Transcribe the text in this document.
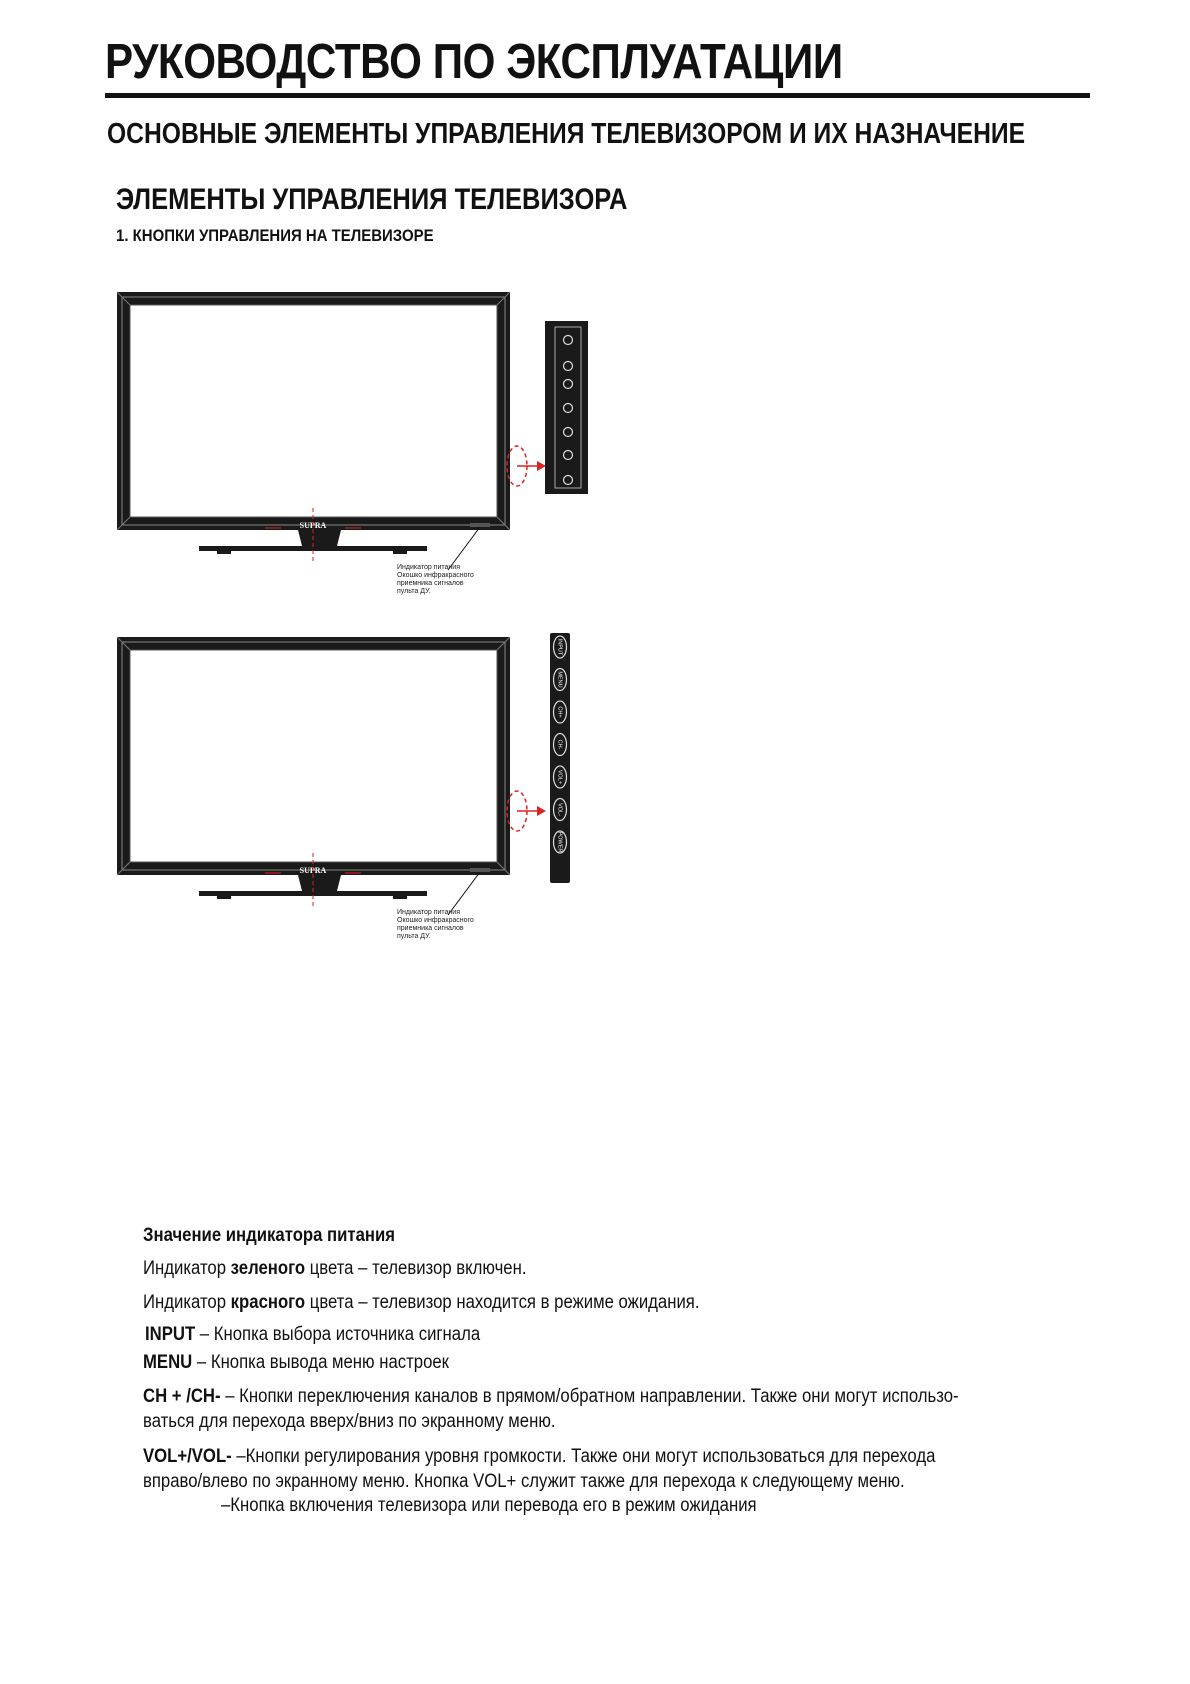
РУКОВОДСТВО ПО ЭКСПЛУАТАЦИИ
ОСНОВНЫЕ ЭЛЕМЕНТЫ УПРАВЛЕНИЯ ТЕЛЕВИЗОРОМ И ИХ НАЗНАЧЕНИЕ
ЭЛЕМЕНТЫ УПРАВЛЕНИЯ ТЕЛЕВИЗОРА
1. КНОПКИ УПРАВЛЕНИЯ НА ТЕЛЕВИЗОРЕ
SUPRA
Индикатор питания
Окошко инфракрасного
приемника сигналов
пульта ДУ.
SUPRA
INPUT
MENU
CH+
CH-
VOL+
VOL-
POWER
Индикатор питания
Окошко инфракрасного
приемника сигналов
пульта ДУ.
Значение индикатора питания
Индикатор зеленого цвета – телевизор включен.
Индикатор красного цвета – телевизор находится в режиме ожидания.
INPUT – Кнопка выбора источника сигнала
MENU – Кнопка вывода меню настроек
CH + /CH- – Кнопки переключения каналов в прямом/обратном направлении. Также они могут использо-
ваться для перехода вверх/вниз по экранному меню.
VOL+/VOL- –Кнопки регулирования уровня громкости. Также они могут использоваться для перехода
вправо/влево по экранному меню. Кнопка VOL+ служит также для перехода к следующему меню.
–Кнопка включения телевизора или перевода его в режим ожидания
